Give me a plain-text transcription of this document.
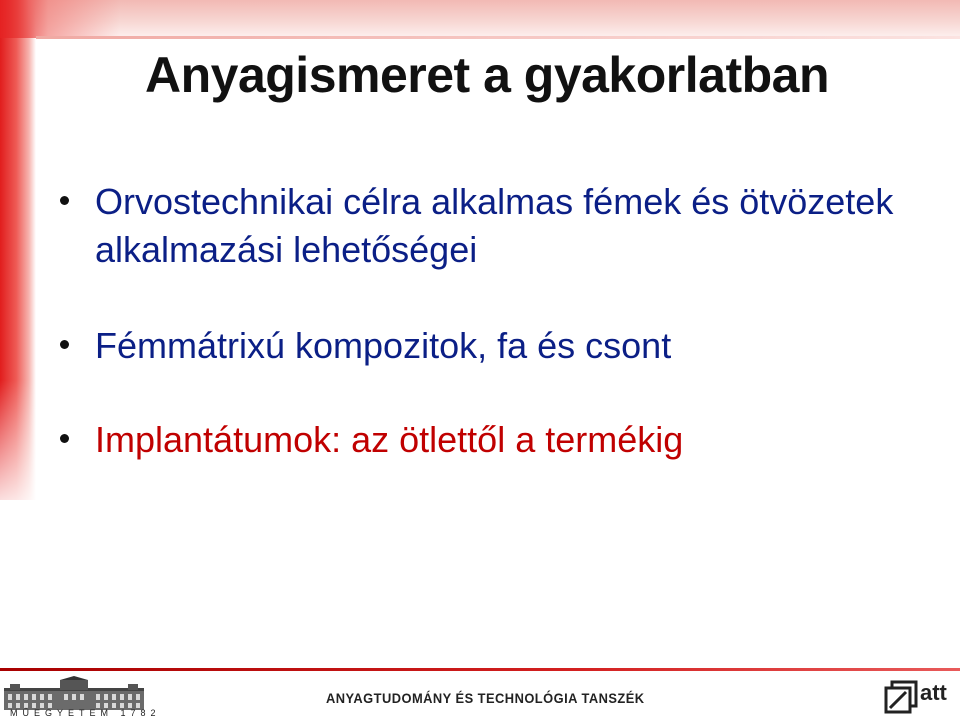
Anyagismeret a gyakorlatban
Orvostechnikai célra alkalmas fémek és ötvözetek alkalmazási lehetőségei
Fémmátrixú kompozitok, fa és csont
Implantátumok: az ötlettől a termékig
MŰEGYETEM 1782
ANYAGTUDOMÁNY ÉS TECHNOLÓGIA TANSZÉK	att
